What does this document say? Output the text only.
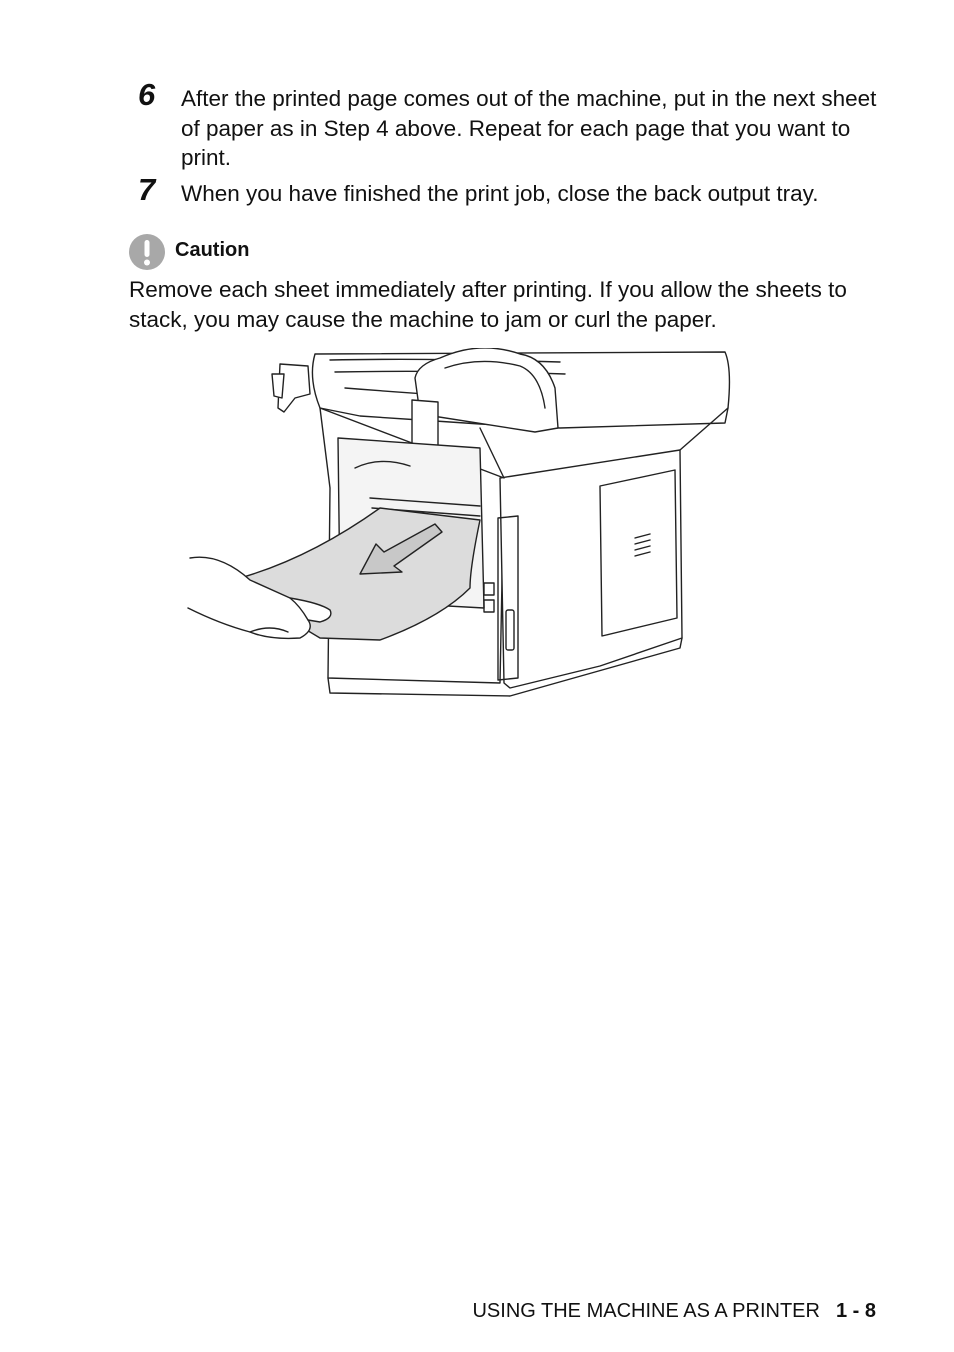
6 After the printed page comes out of the machine, put in the next sheet of paper as in Step 4 above. Repeat for each page that you want to print.
7 When you have finished the print job, close the back output tray.
Caution
Remove each sheet immediately after printing. If you allow the sheets to stack, you may cause the machine to jam or curl the paper.
USING THE MACHINE AS A PRINTER 1 - 8
